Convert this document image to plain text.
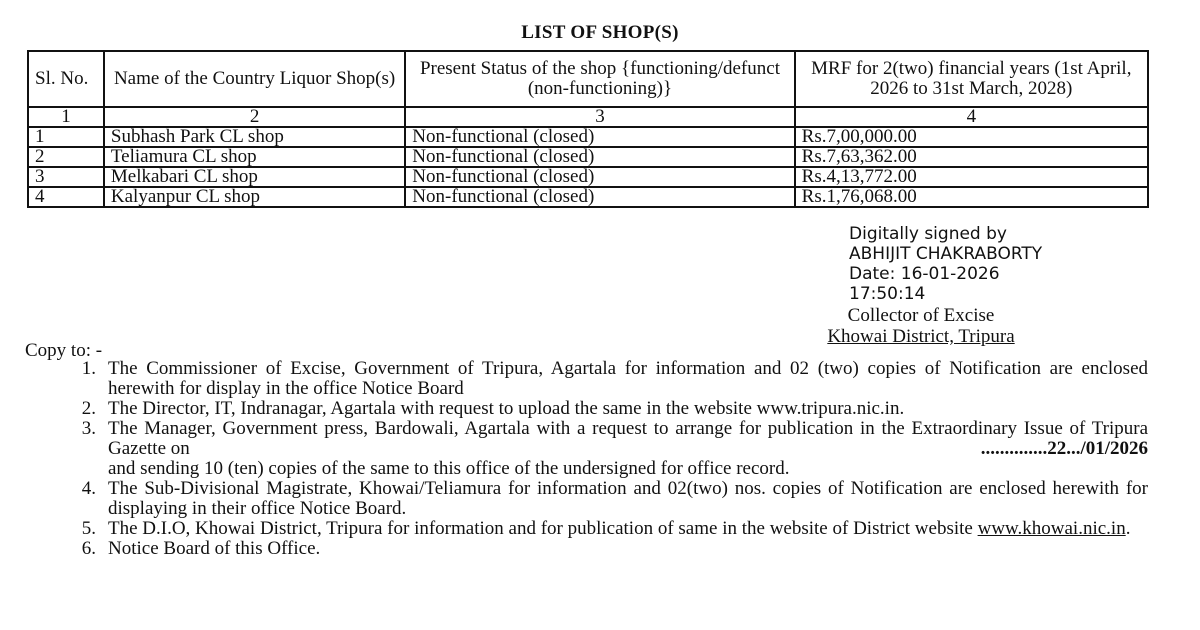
LIST OF SHOP(S)
Sl. No.	Name of the Country Liquor Shop(s)	Present Status of the shop {functioning/defunct (non-functioning)}	MRF for 2(two) financial years (1st April, 2026 to 31st March, 2028)
1	2	3	4
1	Subhash Park CL shop	Non-functional (closed)	Rs.7,00,000.00
2	Teliamura CL shop	Non-functional (closed)	Rs.7,63,362.00
3	Melkabari CL shop	Non-functional (closed)	Rs.4,13,772.00
4	Kalyanpur CL shop	Non-functional (closed)	Rs.1,76,068.00
Digitally signed by
ABHIJIT CHAKRABORTY
Date: 16-01-2026
17:50:14
Collector of Excise
Khowai District, Tripura
Copy to: -
1. The Commissioner of Excise, Government of Tripura, Agartala for information and 02 (two) copies of Notification are enclosed herewith for display in the office Notice Board
2. The Director, IT, Indranagar, Agartala with request to upload the same in the website www.tripura.nic.in.
3. The Manager, Government press, Bardowali, Agartala with a request to arrange for publication in the Extraordinary Issue of Tripura Gazette on	..............22.../01/2026

and sending 10 (ten) copies of the same to this office of the undersigned for office record.
4. The Sub-Divisional Magistrate, Khowai/Teliamura for information and 02(two) nos. copies of Notification are enclosed herewith for displaying in their office Notice Board.
5. The D.I.O, Khowai District, Tripura for information and for publication of same in the website of District website www.khowai.nic.in.
6. Notice Board of this Office.
